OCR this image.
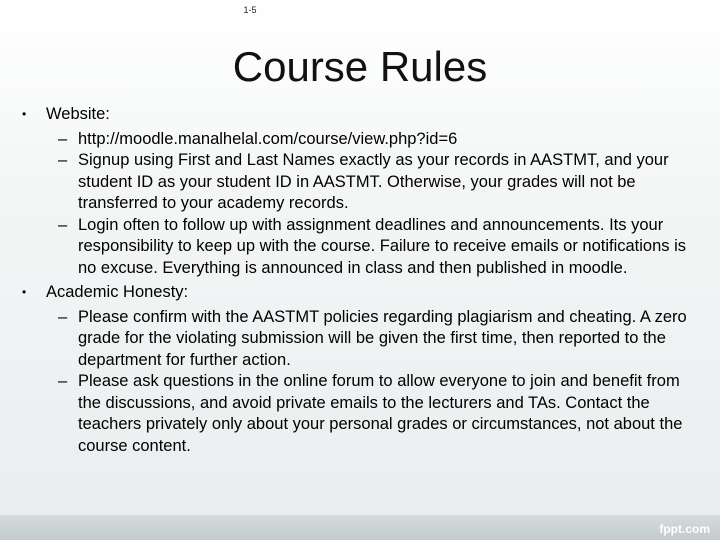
1-5
Course Rules
• Website:
– http://moodle.manalhelal.com/course/view.php?id=6
– Signup using First and Last Names exactly as your records in AASTMT, and your student ID as your student ID in AASTMT. Otherwise, your grades will not be transferred to your academy records.
– Login often to follow up with assignment deadlines and announcements. Its your responsibility to keep up with the course. Failure to receive emails or notifications is no excuse. Everything is announced in class and then published in moodle.
• Academic Honesty:
– Please confirm with the AASTMT policies regarding plagiarism and cheating. A zero grade for the violating submission will be given the first time, then reported to the department for further action.
– Please ask questions in the online forum to allow everyone to join and benefit from the discussions, and avoid private emails to the lecturers and TAs. Contact the teachers privately only about your personal grades or circumstances, not about the course content.
fppt.com
